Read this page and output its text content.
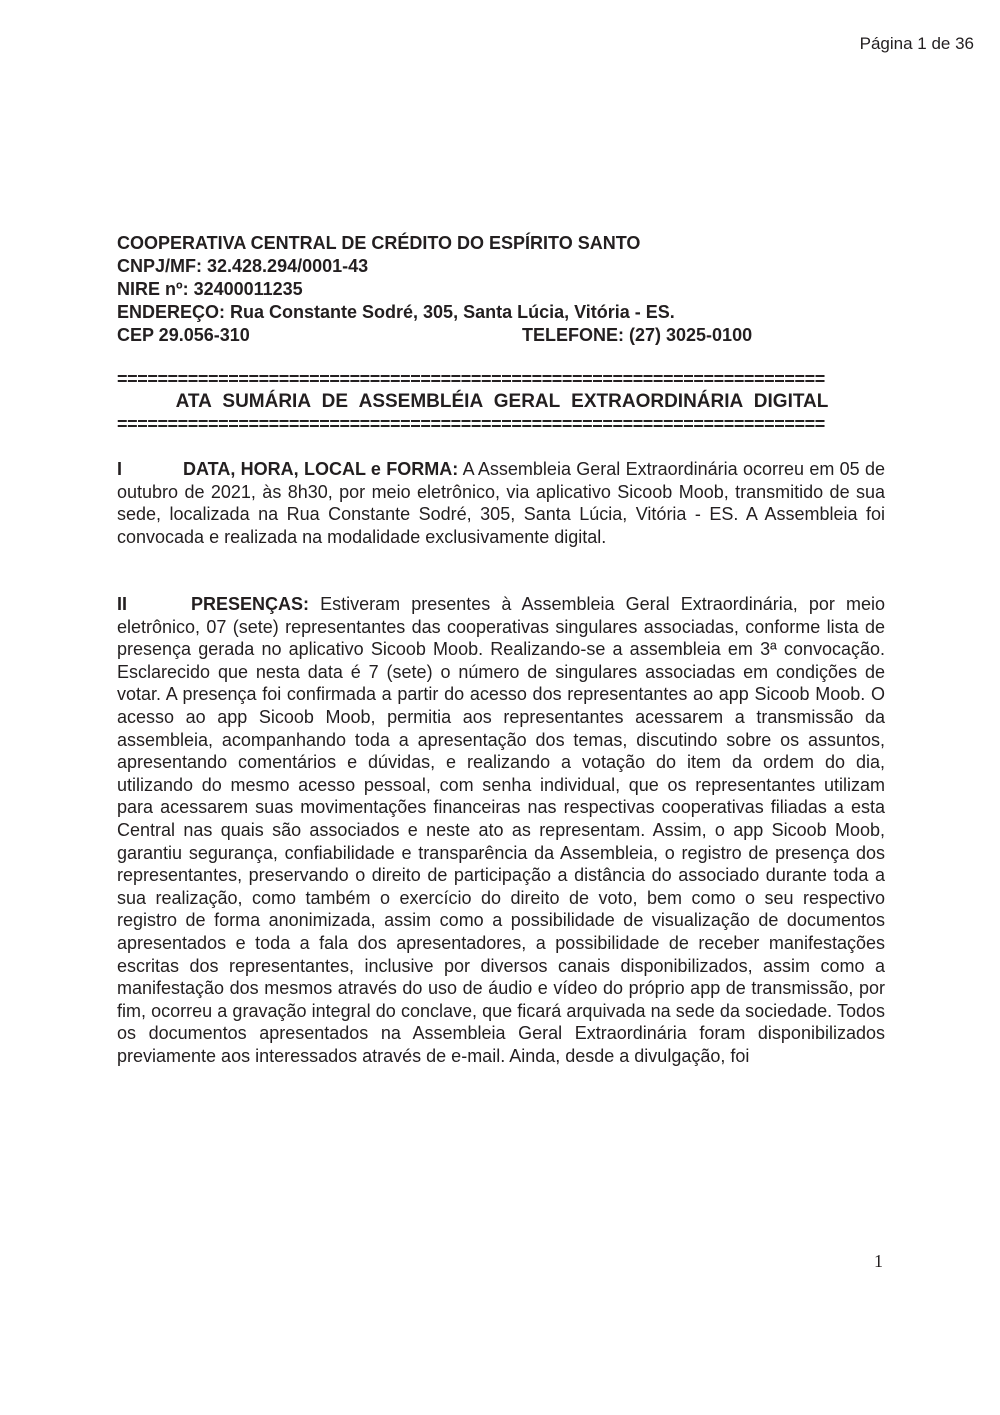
Página 1 de 36
COOPERATIVA CENTRAL DE CRÉDITO DO ESPÍRITO SANTO
CNPJ/MF: 32.428.294/0001-43
NIRE nº: 32400011235
ENDEREÇO: Rua Constante Sodré, 305, Santa Lúcia, Vitória - ES.
CEP 29.056-310	TELEFONE: (27) 3025-0100
======================================================================
ATA SUMÁRIA DE ASSEMBLÉIA GERAL EXTRAORDINÁRIA DIGITAL
======================================================================
I	DATA, HORA, LOCAL e FORMA: A Assembleia Geral Extraordinária ocorreu em 05 de outubro de 2021, às 8h30, por meio eletrônico, via aplicativo Sicoob Moob, transmitido de sua sede, localizada na Rua Constante Sodré, 305, Santa Lúcia, Vitória - ES. A Assembleia foi convocada e realizada na modalidade exclusivamente digital.
II	PRESENÇAS: Estiveram presentes à Assembleia Geral Extraordinária, por meio eletrônico, 07 (sete) representantes das cooperativas singulares associadas, conforme lista de presença gerada no aplicativo Sicoob Moob. Realizando-se a assembleia em 3ª convocação. Esclarecido que nesta data é 7 (sete) o número de singulares associadas em condições de votar. A presença foi confirmada a partir do acesso dos representantes ao app Sicoob Moob. O acesso ao app Sicoob Moob, permitia aos representantes acessarem a transmissão da assembleia, acompanhando toda a apresentação dos temas, discutindo sobre os assuntos, apresentando comentários e dúvidas, e realizando a votação do item da ordem do dia, utilizando do mesmo acesso pessoal, com senha individual, que os representantes utilizam para acessarem suas movimentações financeiras nas respectivas cooperativas filiadas a esta Central nas quais são associados e neste ato as representam. Assim, o app Sicoob Moob, garantiu segurança, confiabilidade e transparência da Assembleia, o registro de presença dos representantes, preservando o direito de participação a distância do associado durante toda a sua realização, como também o exercício do direito de voto, bem como o seu respectivo registro de forma anonimizada, assim como a possibilidade de visualização de documentos apresentados e toda a fala dos apresentadores, a possibilidade de receber manifestações escritas dos representantes, inclusive por diversos canais disponibilizados, assim como a manifestação dos mesmos através do uso de áudio e vídeo do próprio app de transmissão, por fim, ocorreu a gravação integral do conclave, que ficará arquivada na sede da sociedade. Todos os documentos apresentados na Assembleia Geral Extraordinária foram disponibilizados previamente aos interessados através de e-mail. Ainda, desde a divulgação, foi
1
